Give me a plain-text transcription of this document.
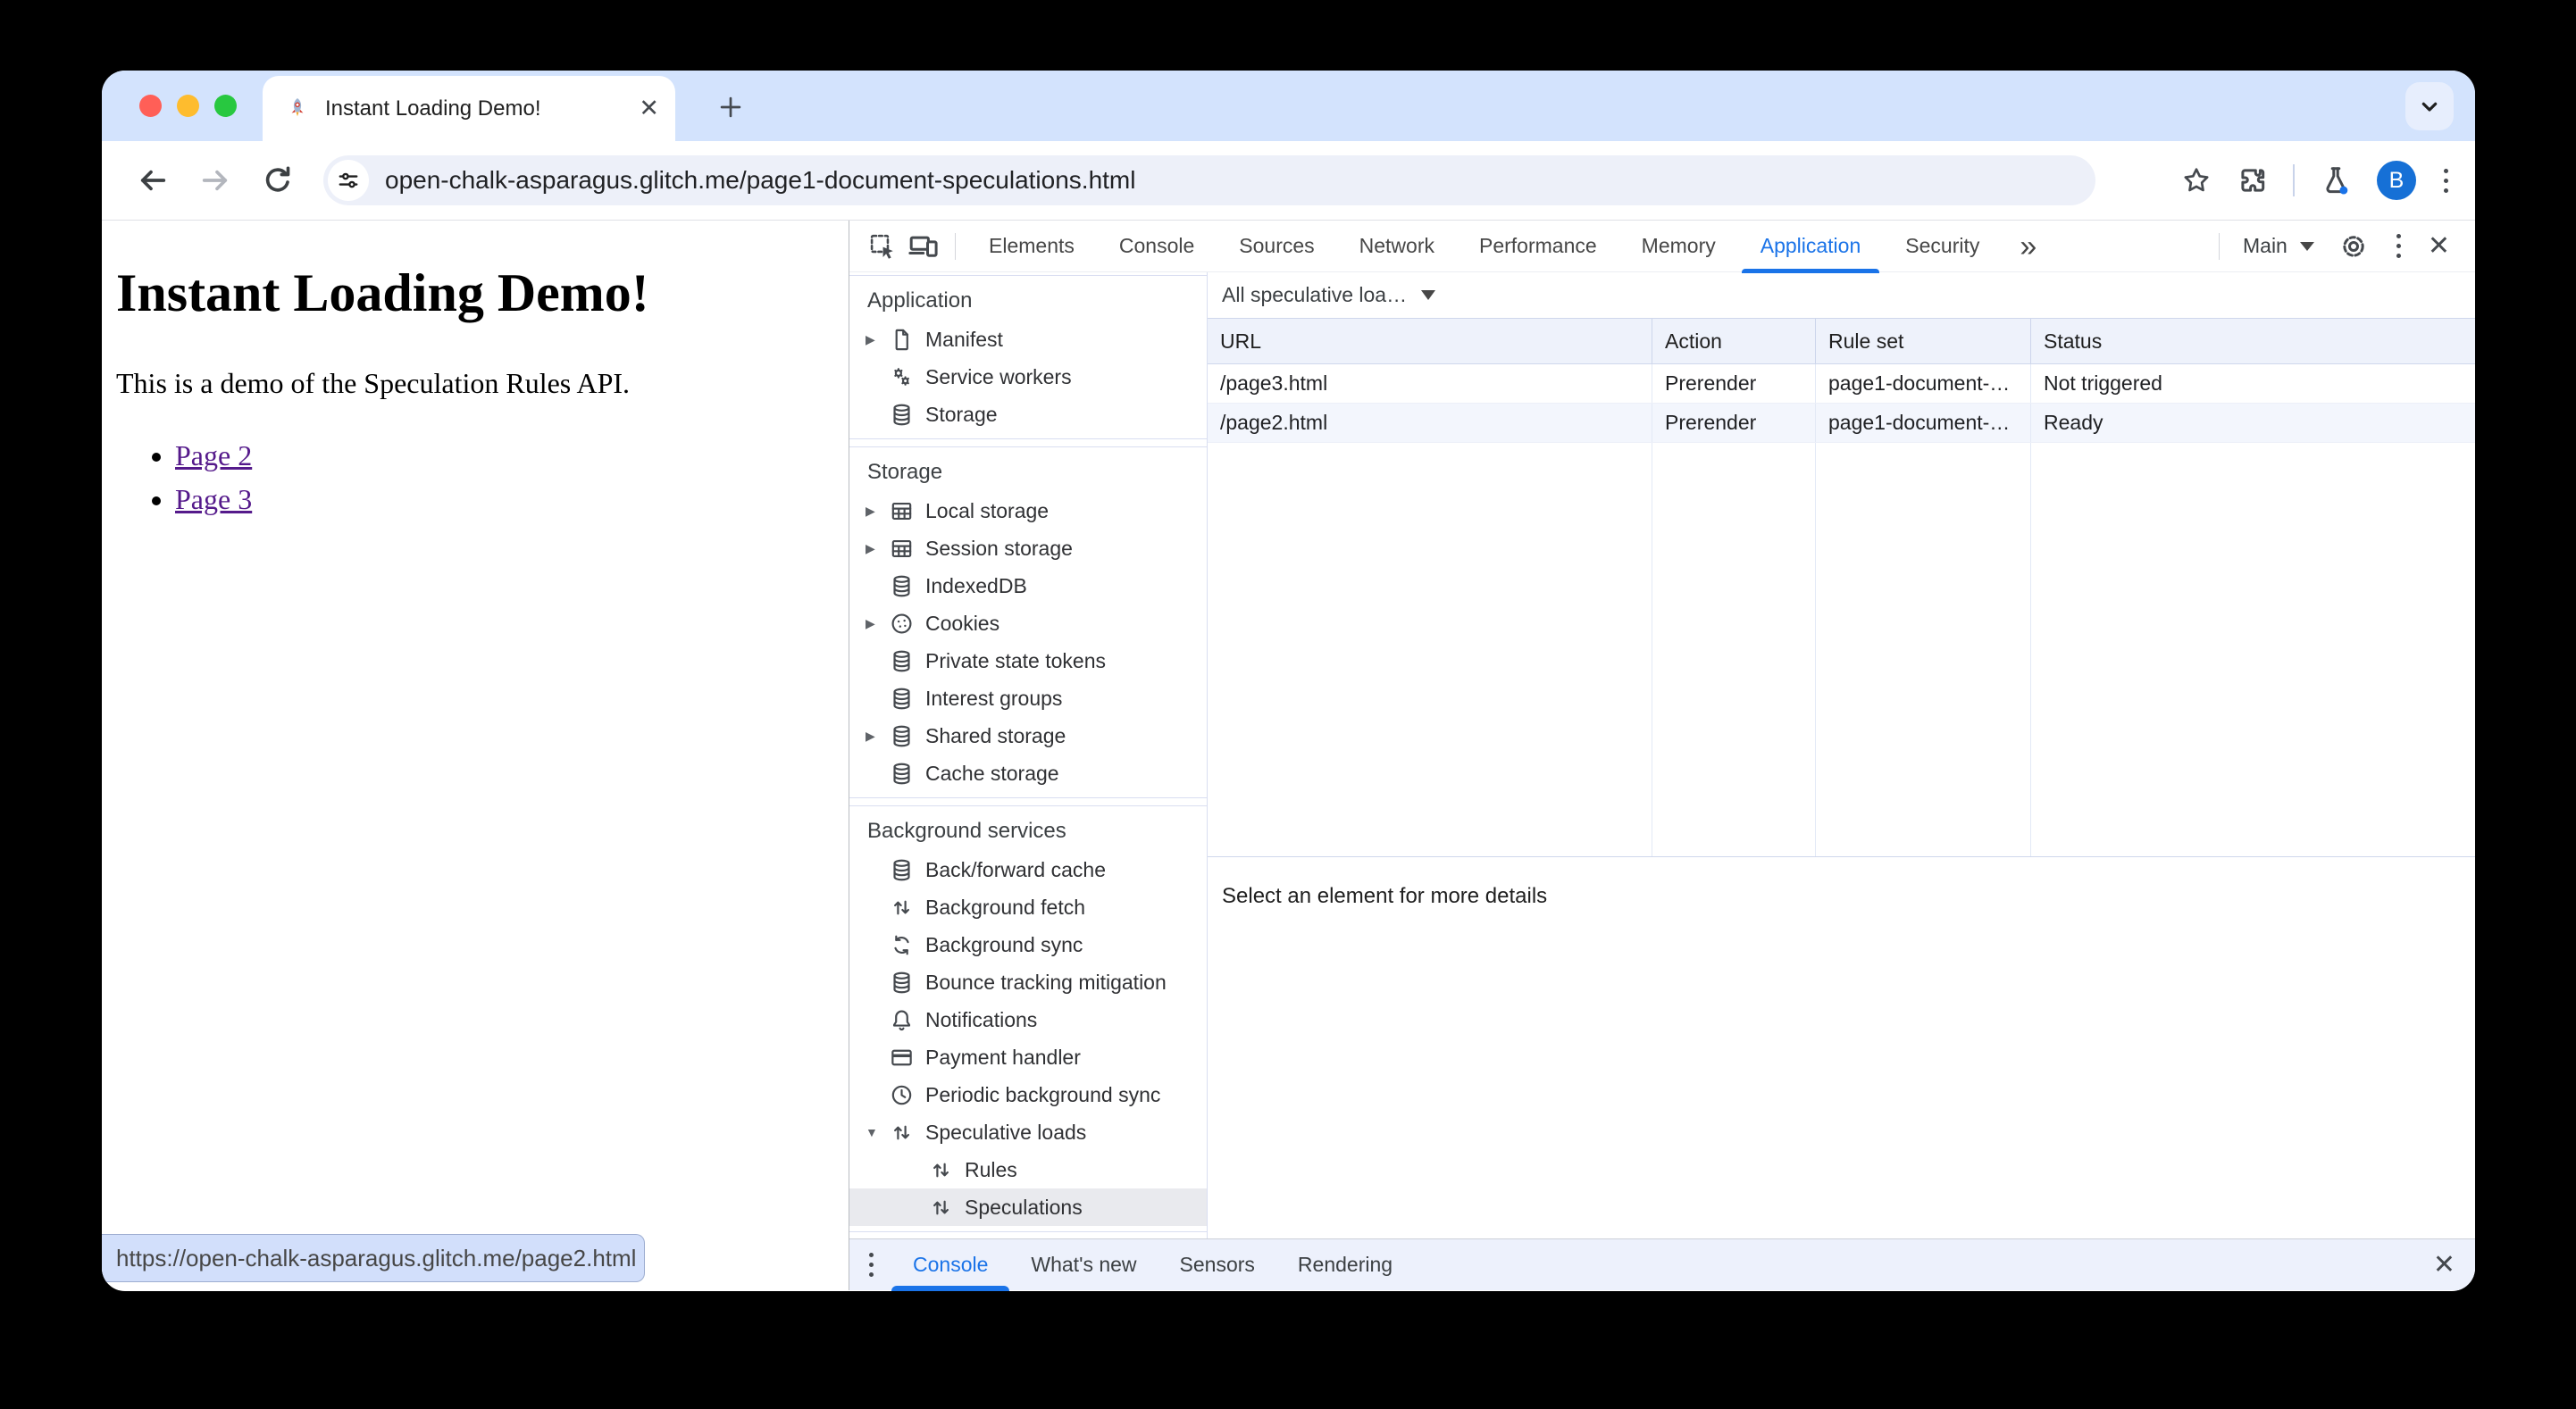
Instant Loading Demo!	✕
open-chalk-asparagus.glitch.me/page1-document-speculations.html	B
Instant Loading Demo!

This is a demo of the Speculation Rules API.

• Page 2
• Page 3
https://open-chalk-asparagus.glitch.me/page2.html
Elements	Console	Sources	Network	Performance	Memory	Application	Security	»	Main	✕
Application
▶	Manifest
Service workers
Storage
Storage
▶	Local storage
▶	Session storage
IndexedDB
▶	Cookies
Private state tokens
Interest groups
▶	Shared storage
Cache storage
Background services
Back/forward cache
Background fetch
Background sync
Bounce tracking mitigation
Notifications
Payment handler
Periodic background sync
▼	Speculative loads
Rules
Speculations
All speculative loa…
URL	Action	Rule set	Status
/page3.html	Prerender	page1-document-…	Not triggered
/page2.html	Prerender	page1-document-…	Ready
Select an element for more details
Console	What's new	Sensors	Rendering	✕
